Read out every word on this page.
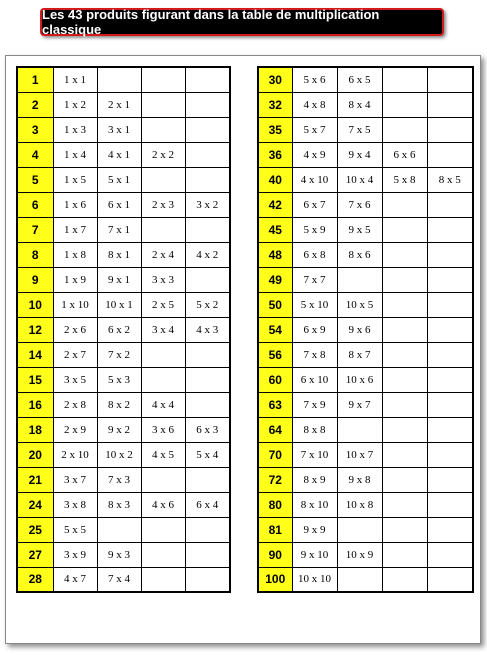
Les 43 produits figurant dans la table de multiplication classique
1	1 x 1			
2	1 x 2	2 x 1		
3	1 x 3	3 x 1		
4	1 x 4	4 x 1	2 x 2	
5	1 x 5	5 x 1		
6	1 x 6	6 x 1	2 x 3	3 x 2
7	1 x 7	7 x 1		
8	1 x 8	8 x 1	2 x 4	4 x 2
9	1 x 9	9 x 1	3 x 3	
10	1 x 10	10 x 1	2 x 5	5 x 2
12	2 x 6	6 x 2	3 x 4	4 x 3
14	2 x 7	7 x 2		
15	3 x 5	5 x 3		
16	2 x 8	8 x 2	4 x 4	
18	2 x 9	9 x 2	3 x 6	6 x 3
20	2 x 10	10 x 2	4 x 5	5 x 4
21	3 x 7	7 x 3		
24	3 x 8	8 x 3	4 x 6	6 x 4
25	5 x 5			
27	3 x 9	9 x 3		
28	4 x 7	7 x 4		
30	5 x 6	6 x 5		
32	4 x 8	8 x 4		
35	5 x 7	7 x 5		
36	4 x 9	9 x 4	6 x 6	
40	4 x 10	10 x 4	5 x 8	8 x 5
42	6 x 7	7 x 6		
45	5 x 9	9 x 5		
48	6 x 8	8 x 6		
49	7 x 7			
50	5 x 10	10 x 5		
54	6 x 9	9 x 6		
56	7 x 8	8 x 7		
60	6 x 10	10 x 6		
63	7 x 9	9 x 7		
64	8 x 8			
70	7 x 10	10 x 7		
72	8 x 9	9 x 8		
80	8 x 10	10 x 8		
81	9 x 9			
90	9 x 10	10 x 9		
100	10 x 10			
